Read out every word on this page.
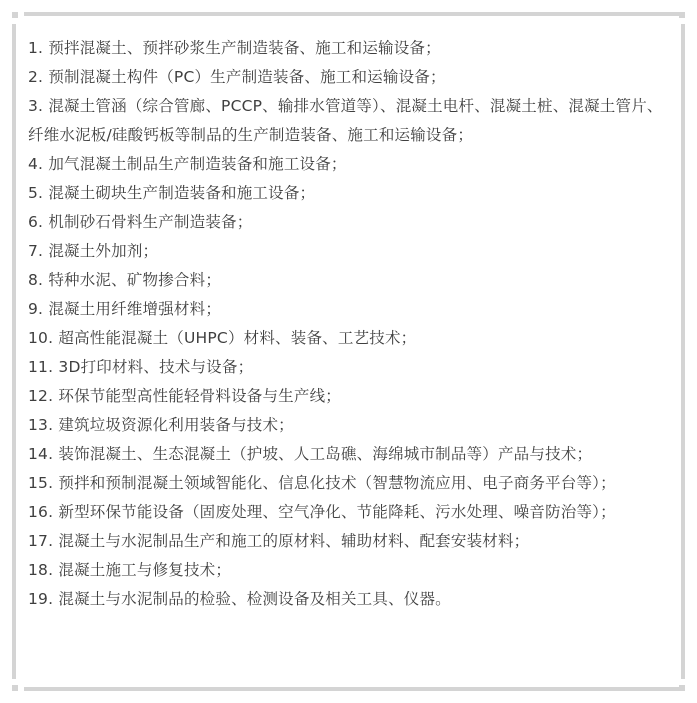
1. 预拌混凝土、预拌砂浆生产制造装备、施工和运输设备；
2. 预制混凝土构件（PC）生产制造装备、施工和运输设备；
3. 混凝土管涵（综合管廊、PCCP、输排水管道等）、混凝土电杆、混凝土桩、混凝土管片、纤维水泥板/硅酸钙板等制品的生产制造装备、施工和运输设备；
4. 加气混凝土制品生产制造装备和施工设备；
5. 混凝土砌块生产制造装备和施工设备；
6. 机制砂石骨料生产制造装备；
7. 混凝土外加剂；
8. 特种水泥、矿物掺合料；
9. 混凝土用纤维增强材料；
10. 超高性能混凝土（UHPC）材料、装备、工艺技术；
11. 3D打印材料、技术与设备；
12. 环保节能型高性能轻骨料设备与生产线；
13. 建筑垃圾资源化利用装备与技术；
14. 装饰混凝土、生态混凝土（护坡、人工岛礁、海绵城市制品等）产品与技术；
15. 预拌和预制混凝土领域智能化、信息化技术（智慧物流应用、电子商务平台等）；
16. 新型环保节能设备（固废处理、空气净化、节能降耗、污水处理、噪音防治等）；
17. 混凝土与水泥制品生产和施工的原材料、辅助材料、配套安装材料；
18. 混凝土施工与修复技术；
19. 混凝土与水泥制品的检验、检测设备及相关工具、仪器。
